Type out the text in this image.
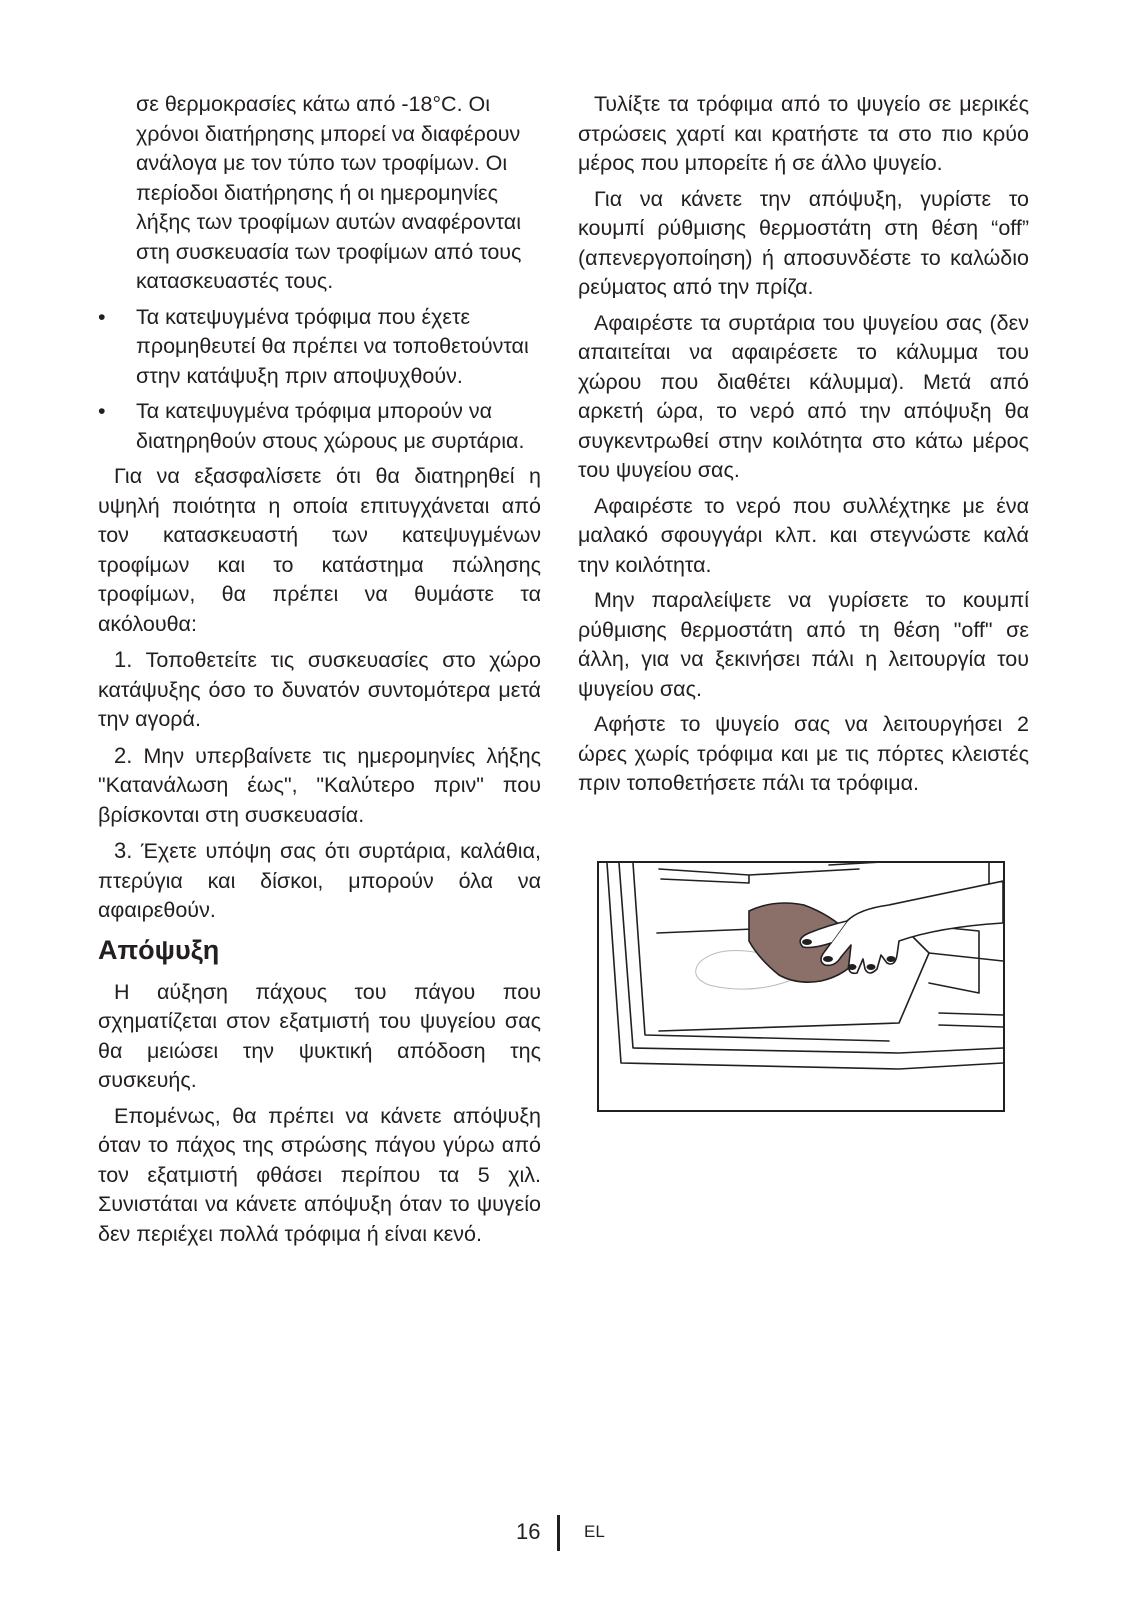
σε θερμοκρασίες κάτω από -18°C. Οι χρόνοι διατήρησης μπορεί να διαφέρουν ανάλογα με τον τύπο των τροφίμων. Οι περίοδοι διατήρησης ή οι ημερομηνίες λήξης των τροφίμων αυτών αναφέρονται στη συσκευασία των τροφίμων από τους κατασκευαστές τους.

• Τα κατεψυγμένα τρόφιμα που έχετε προμηθευτεί θα πρέπει να τοποθετούνται στην κατάψυξη πριν αποψυχθούν.
• Τα κατεψυγμένα τρόφιμα μπορούν να διατηρηθούν στους χώρους με συρτάρια.

Για να εξασφαλίσετε ότι θα διατηρηθεί η υψηλή ποιότητα η οποία επιτυγχάνεται από τον κατασκευαστή των κατεψυγμένων τροφίμων και το κατάστημα πώλησης τροφίμων, θα πρέπει να θυμάστε τα ακόλουθα:

1. Τοποθετείτε τις συσκευασίες στο χώρο κατάψυξης όσο το δυνατόν συντομότερα μετά την αγορά.

2. Μην υπερβαίνετε τις ημερομηνίες λήξης "Κατανάλωση έως", "Καλύτερο πριν" που βρίσκονται στη συσκευασία.

3. Έχετε υπόψη σας ότι συρτάρια, καλάθια, πτερύγια και δίσκοι, μπορούν όλα να αφαιρεθούν.

Απόψυξη

Η αύξηση πάχους του πάγου που σχηματίζεται στον εξατμιστή του ψυγείου σας θα μειώσει την ψυκτική απόδοση της συσκευής.

Επομένως, θα πρέπει να κάνετε απόψυξη όταν το πάχος της στρώσης πάγου γύρω από τον εξατμιστή φθάσει περίπου τα 5 χιλ. Συνιστάται να κάνετε απόψυξη όταν το ψυγείο δεν περιέχει πολλά τρόφιμα ή είναι κενό.

Τυλίξτε τα τρόφιμα από το ψυγείο σε μερικές στρώσεις χαρτί και κρατήστε τα στο πιο κρύο μέρος που μπορείτε ή σε άλλο ψυγείο.

Για να κάνετε την απόψυξη, γυρίστε το κουμπί ρύθμισης θερμοστάτη στη θέση “off” (απενεργοποίηση) ή αποσυνδέστε το καλώδιο ρεύματος από την πρίζα.

Αφαιρέστε τα συρτάρια του ψυγείου σας (δεν απαιτείται να αφαιρέσετε το κάλυμμα του χώρου που διαθέτει κάλυμμα). Μετά από αρκετή ώρα, το νερό από την απόψυξη θα συγκεντρωθεί στην κοιλότητα στο κάτω μέρος του ψυγείου σας.

Αφαιρέστε το νερό που συλλέχτηκε με ένα μαλακό σφουγγάρι κλπ. και στεγνώστε καλά την κοιλότητα.

Μην παραλείψετε να γυρίσετε το κουμπί ρύθμισης θερμοστάτη από τη θέση "off" σε άλλη, για να ξεκινήσει πάλι η λειτουργία του ψυγείου σας.

Αφήστε το ψυγείο σας να λειτουργήσει 2 ώρες χωρίς τρόφιμα και με τις πόρτες κλειστές πριν τοποθετήσετε πάλι τα τρόφιμα.

16	EL
